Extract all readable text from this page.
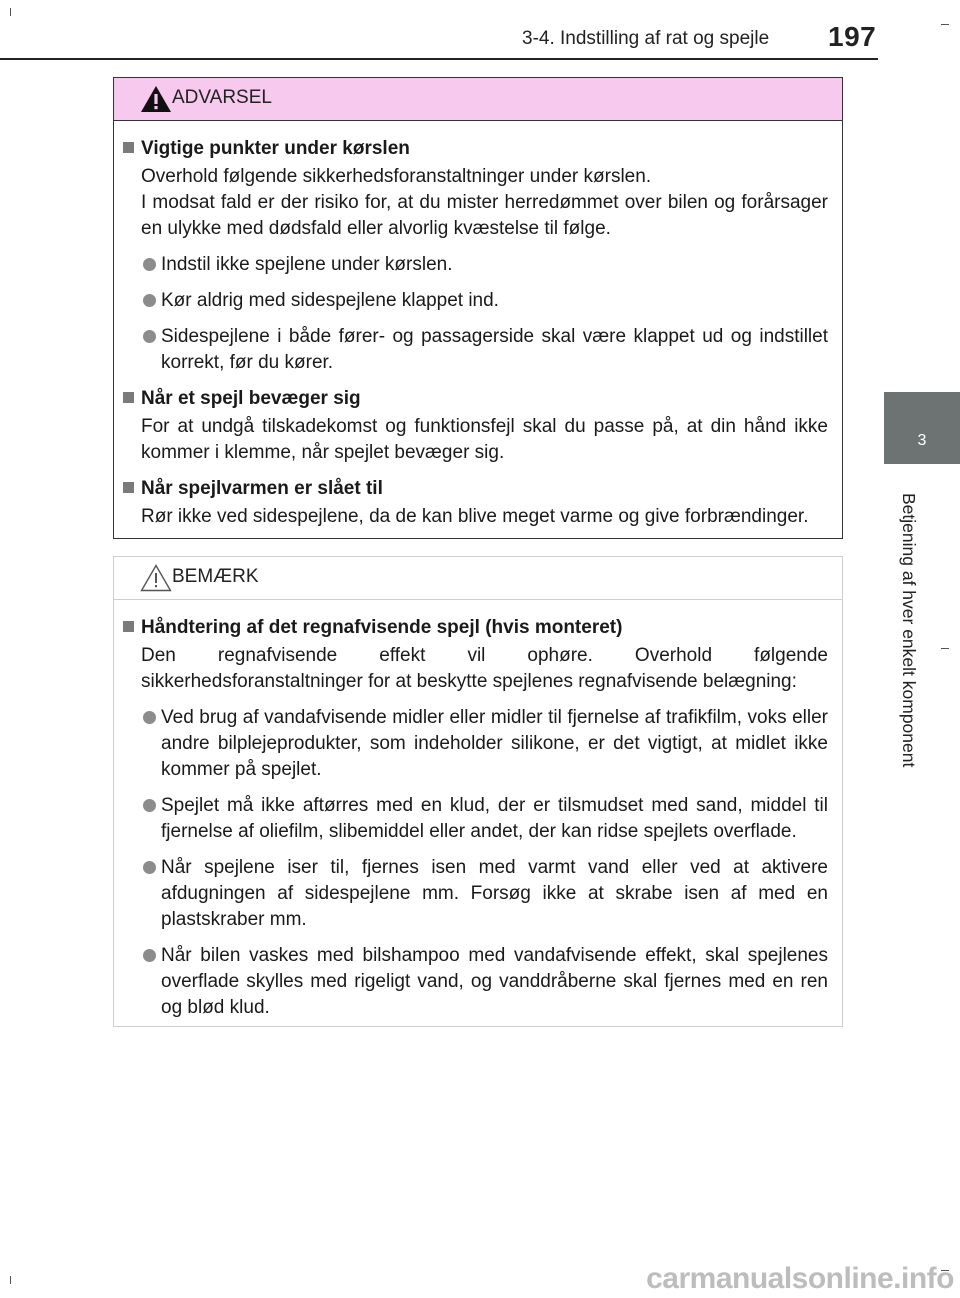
3-4. Indstilling af rat og spejle 197
3
Betjening af hver enkelt komponent
ADVARSEL
Vigtige punkter under kørslen
Overhold følgende sikkerhedsforanstaltninger under kørslen.
I modsat fald er der risiko for, at du mister herredømmet over bilen og forårsager en ulykke med dødsfald eller alvorlig kvæstelse til følge.
Indstil ikke spejlene under kørslen.
Kør aldrig med sidespejlene klappet ind.
Sidespejlene i både fører- og passagerside skal være klappet ud og indstillet korrekt, før du kører.
Når et spejl bevæger sig
For at undgå tilskadekomst og funktionsfejl skal du passe på, at din hånd ikke kommer i klemme, når spejlet bevæger sig.
Når spejlvarmen er slået til
Rør ikke ved sidespejlene, da de kan blive meget varme og give forbrændinger.
BEMÆRK
Håndtering af det regnafvisende spejl (hvis monteret)
Den regnafvisende effekt vil ophøre. Overhold følgende sikkerhedsforanstaltninger for at beskytte spejlenes regnafvisende belægning:
Ved brug af vandafvisende midler eller midler til fjernelse af trafikfilm, voks eller andre bilplejeprodukter, som indeholder silikone, er det vigtigt, at midlet ikke kommer på spejlet.
Spejlet må ikke aftørres med en klud, der er tilsmudset med sand, middel til fjernelse af oliefilm, slibemiddel eller andet, der kan ridse spejlets overflade.
Når spejlene iser til, fjernes isen med varmt vand eller ved at aktivere afdugningen af sidespejlene mm. Forsøg ikke at skrabe isen af med en plastskraber mm.
Når bilen vaskes med bilshampoo med vandafvisende effekt, skal spejlenes overflade skylles med rigeligt vand, og vanddråberne skal fjernes med en ren og blød klud.
carmanualsonline.info
